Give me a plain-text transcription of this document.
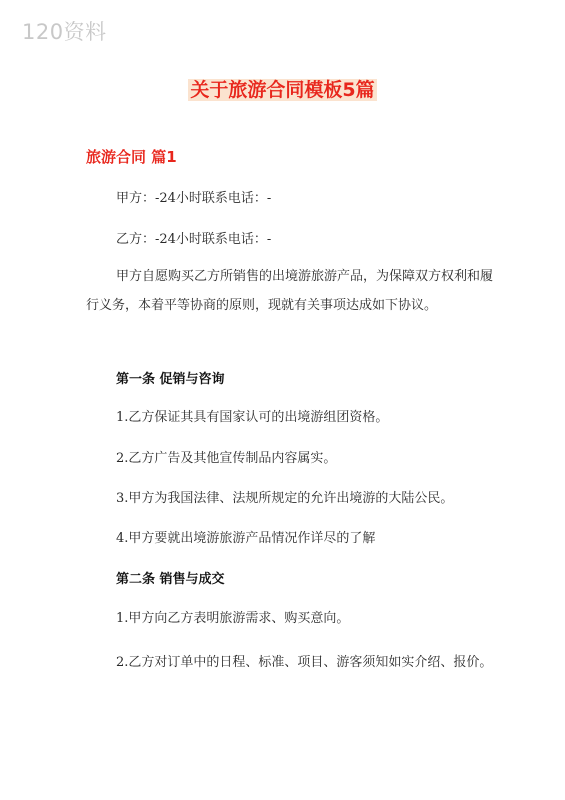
120资料
关于旅游合同模板5篇
旅游合同 篇1
甲方：-24小时联系电话：-
乙方：-24小时联系电话：-
甲方自愿购买乙方所销售的出境游旅游产品，为保障双方权利和履行义务，本着平等协商的原则，现就有关事项达成如下协议。
第一条 促销与咨询
1.乙方保证其具有国家认可的出境游组团资格。
2.乙方广告及其他宣传制品内容属实。
3.甲方为我国法律、法规所规定的允许出境游的大陆公民。
4.甲方要就出境游旅游产品情况作详尽的了解
第二条 销售与成交
1.甲方向乙方表明旅游需求、购买意向。
2.乙方对订单中的日程、标准、项目、游客须知如实介绍、报价。
